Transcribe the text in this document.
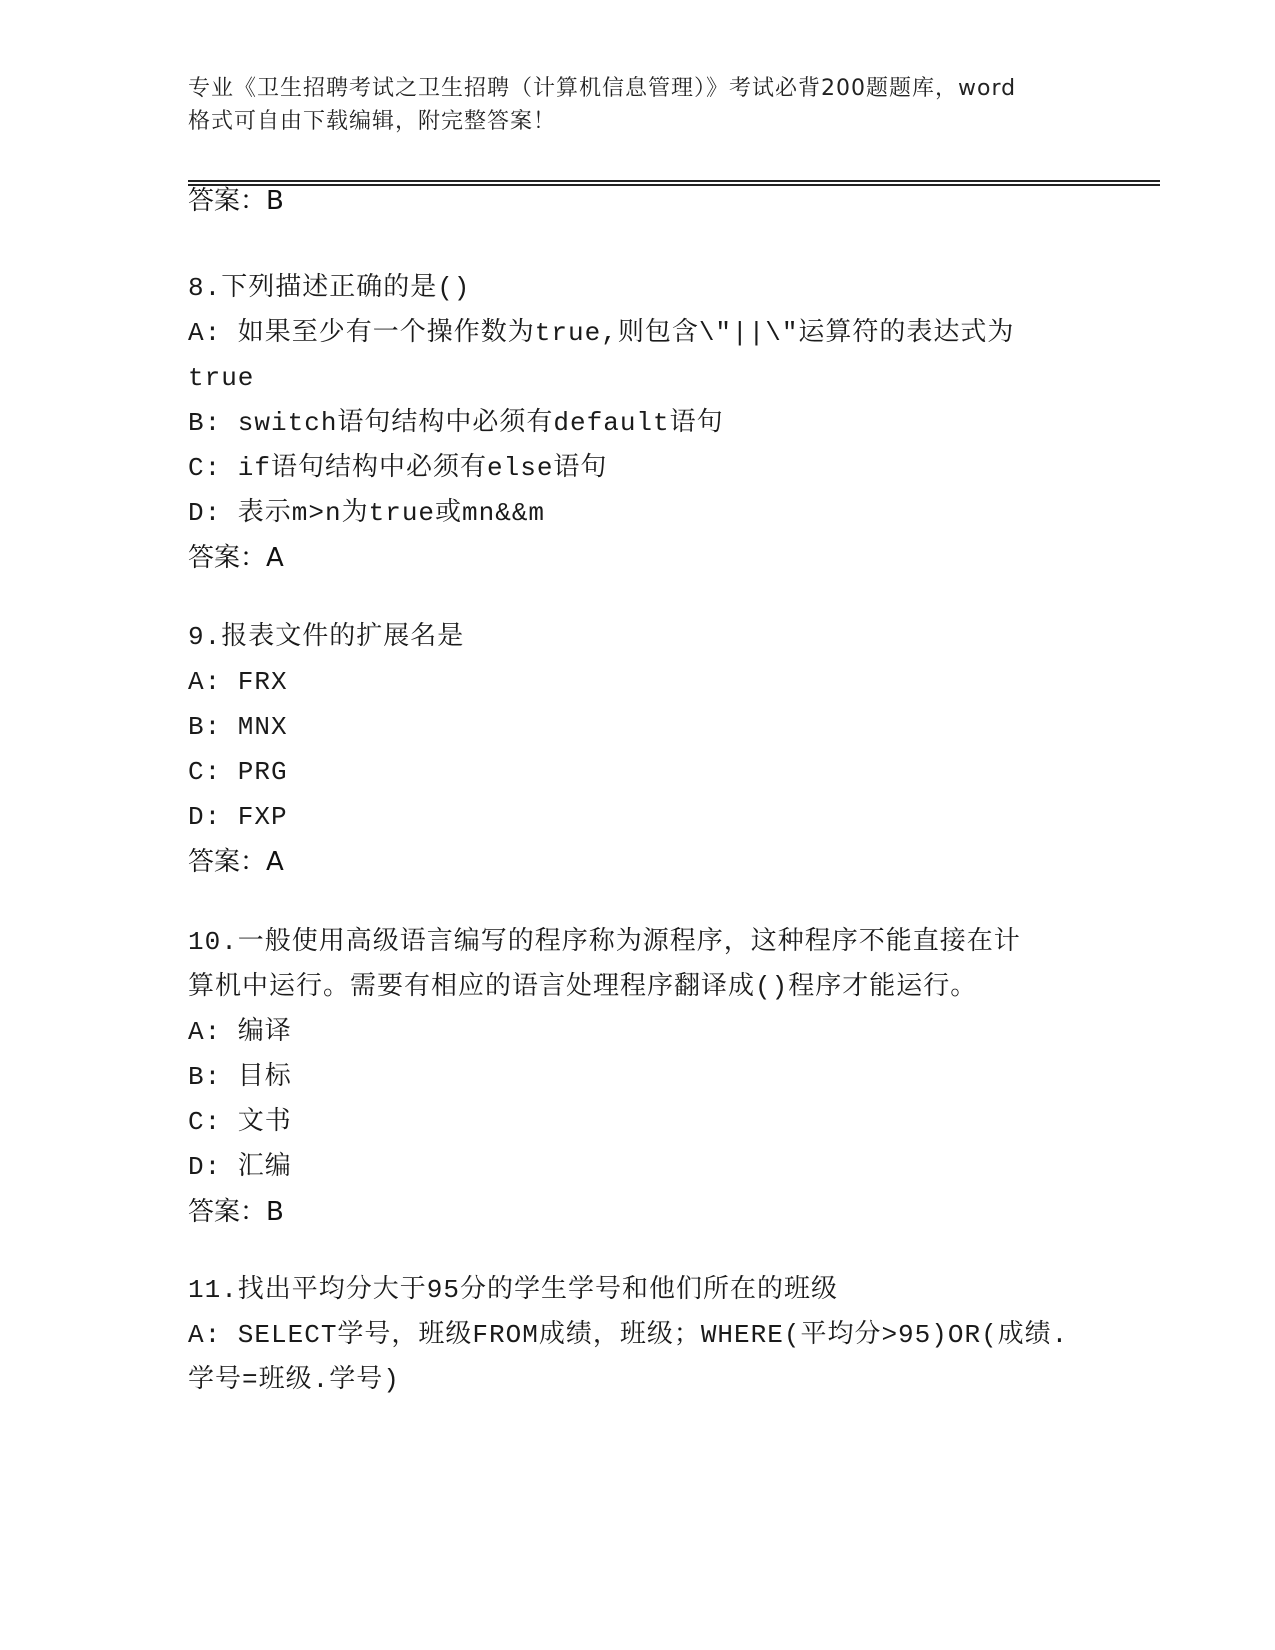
专业《卫生招聘考试之卫生招聘（计算机信息管理）》考试必背200题题库，word
格式可自由下载编辑，附完整答案！
答案：B
8.下列描述正确的是()
A: 如果至少有一个操作数为true,则包含\"||\"运算符的表达式为
true
B: switch语句结构中必须有default语句
C: if语句结构中必须有else语句
D: 表示m>n为true或mn&&m
答案：A
9.报表文件的扩展名是
A: FRX
B: MNX
C: PRG
D: FXP
答案：A
10.一般使用高级语言编写的程序称为源程序，这种程序不能直接在计
算机中运行。需要有相应的语言处理程序翻译成()程序才能运行。
A: 编译
B: 目标
C: 文书
D: 汇编
答案：B
11.找出平均分大于95分的学生学号和他们所在的班级
A: SELECT学号，班级FROM成绩，班级；WHERE(平均分>95)OR(成绩.
学号=班级.学号)
